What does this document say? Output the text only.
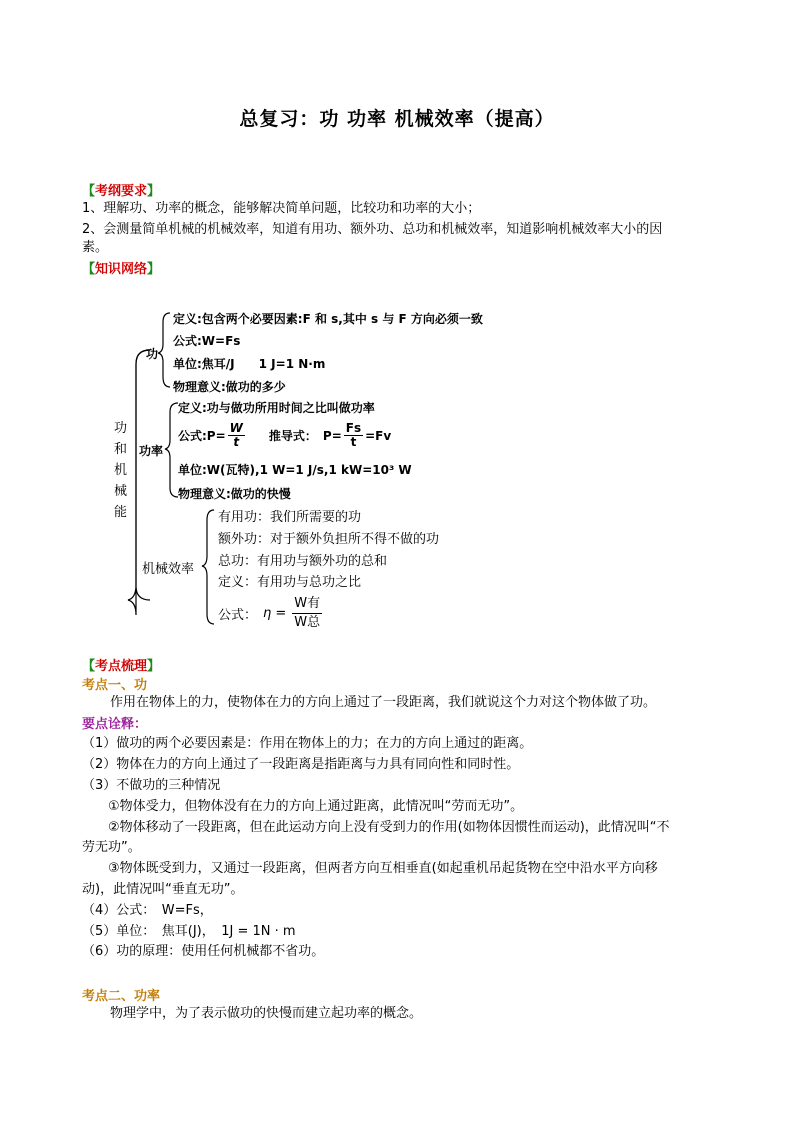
总复习：功 功率 机械效率（提高）
【考纲要求】
1、理解功、功率的概念，能够解决简单问题，比较功和功率的大小；
2、会测量简单机械的机械效率，知道有用功、额外功、总功和机械效率，知道影响机械效率大小的因
素。
【知识网络】
功
和
机
械
能
功
定义:包含两个必要因素:F 和 s,其中 s 与 F 方向必须一致
公式:W=Fs
单位:焦耳/J　　1 J=1 N·m
物理意义:做功的多少
功率
定义:功与做功所用时间之比叫做功率
公式:P= $\frac{W}{t}$ 推导式： $P= \frac{Fs}{t} =Fv$
单位:W(瓦特),1 W=1 J/s,1 kW=10³ W
物理意义:做功的快慢
机械效率
有用功：我们所需要的功
额外功：对于额外负担所不得不做的功
总功：有用功与额外功的总和
定义：有用功与总功之比
公式： $\eta = \frac{\text{W有}}{\text{W总}}$
【考点梳理】
考点一、功
作用在物体上的力，使物体在力的方向上通过了一段距离，我们就说这个力对这个物体做了功。
要点诠释：
（1）做功的两个必要因素是：作用在物体上的力；在力的方向上通过的距离。
（2）物体在力的方向上通过了一段距离是指距离与力具有同向性和同时性。
（3）不做功的三种情况
　　①物体受力，但物体没有在力的方向上通过距离，此情况叫“劳而无功”。
　　②物体移动了一段距离，但在此运动方向上没有受到力的作用(如物体因惯性而运动)，此情况叫“不
劳无功”。
　　③物体既受到力，又通过一段距离，但两者方向互相垂直(如起重机吊起货物在空中沿水平方向移
动)，此情况叫“垂直无功”。
（4）公式：　W=Fs，
（5）单位：　焦耳(J)，　1J = 1N · m
（6）功的原理：使用任何机械都不省功。
考点二、功率
物理学中，为了表示做功的快慢而建立起功率的概念。
